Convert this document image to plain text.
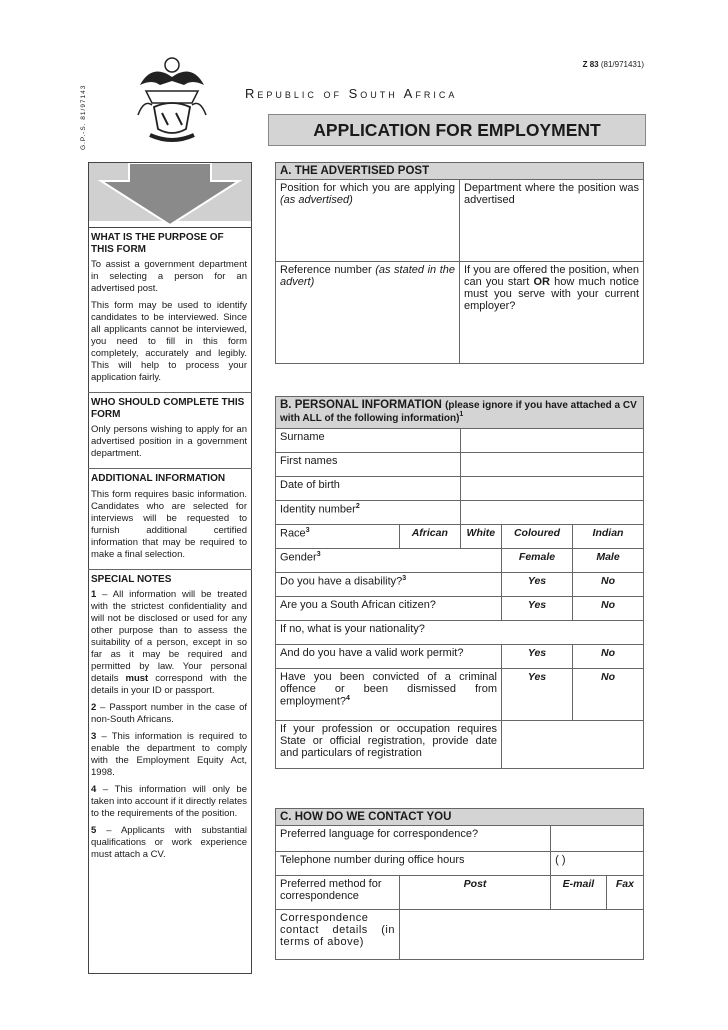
Z 83 (81/971431)
G.P.-S. 81/97143	Republic of South Africa
APPLICATION FOR EMPLOYMENT
WHAT IS THE PURPOSE OF THIS FORM

To assist a government department in selecting a person for an advertised post.

This form may be used to identify candidates to be interviewed. Since all applicants cannot be interviewed, you need to fill in this form completely, accurately and legibly. This will help to process your application fairly.

WHO SHOULD COMPLETE THIS FORM

Only persons wishing to apply for an advertised position in a government department.

ADDITIONAL INFORMATION

This form requires basic information. Candidates who are selected for interviews will be requested to furnish additional certified information that may be required to make a final selection.

SPECIAL NOTES

1 – All information will be treated with the strictest confidentiality and will not be disclosed or used for any other purpose than to assess the suitability of a person, except in so far as it may be required and permitted by law. Your personal details must correspond with the details in your ID or passport.

2 – Passport number in the case of non-South Africans.

3 – This information is required to enable the department to comply with the Employment Equity Act, 1998.

4 – This information will only be taken into account if it directly relates to the requirements of the position.

5 – Applicants with substantial qualifications or work experience must attach a CV.

A. THE ADVERTISED POST	
Position for which you are applying (as advertised)	Department where the position was advertised
Reference number (as stated in the advert)	If you are offered the position, when can you start OR how much notice must you serve with your current employer?
B. PERSONAL INFORMATION (please ignore if you have attached a CV with ALL of the following information)$^1$
Surname				
First names				
Date of birth				
Identity number$^2$	
Race$^3$	African	White	Coloured	Indian
Gender$^3$			Female	Male
Do you have a disability?$^3$			Yes	No
Are you a South African citizen?			Yes	No
If no, what is your nationality?				
And do you have a valid work permit?			Yes	No
Have you been convicted of a criminal offence or been dismissed from employment?$^4$			Yes	No
If your profession or occupation requires State or official registration, provide date and particulars of registration				
C. HOW DO WE CONTACT YOU			
Preferred language for correspondence?			
Telephone number during office hours		( )	
Preferred method for correspondence	Post	E-mail	Fax
Correspondence contact details (in terms of above)			
